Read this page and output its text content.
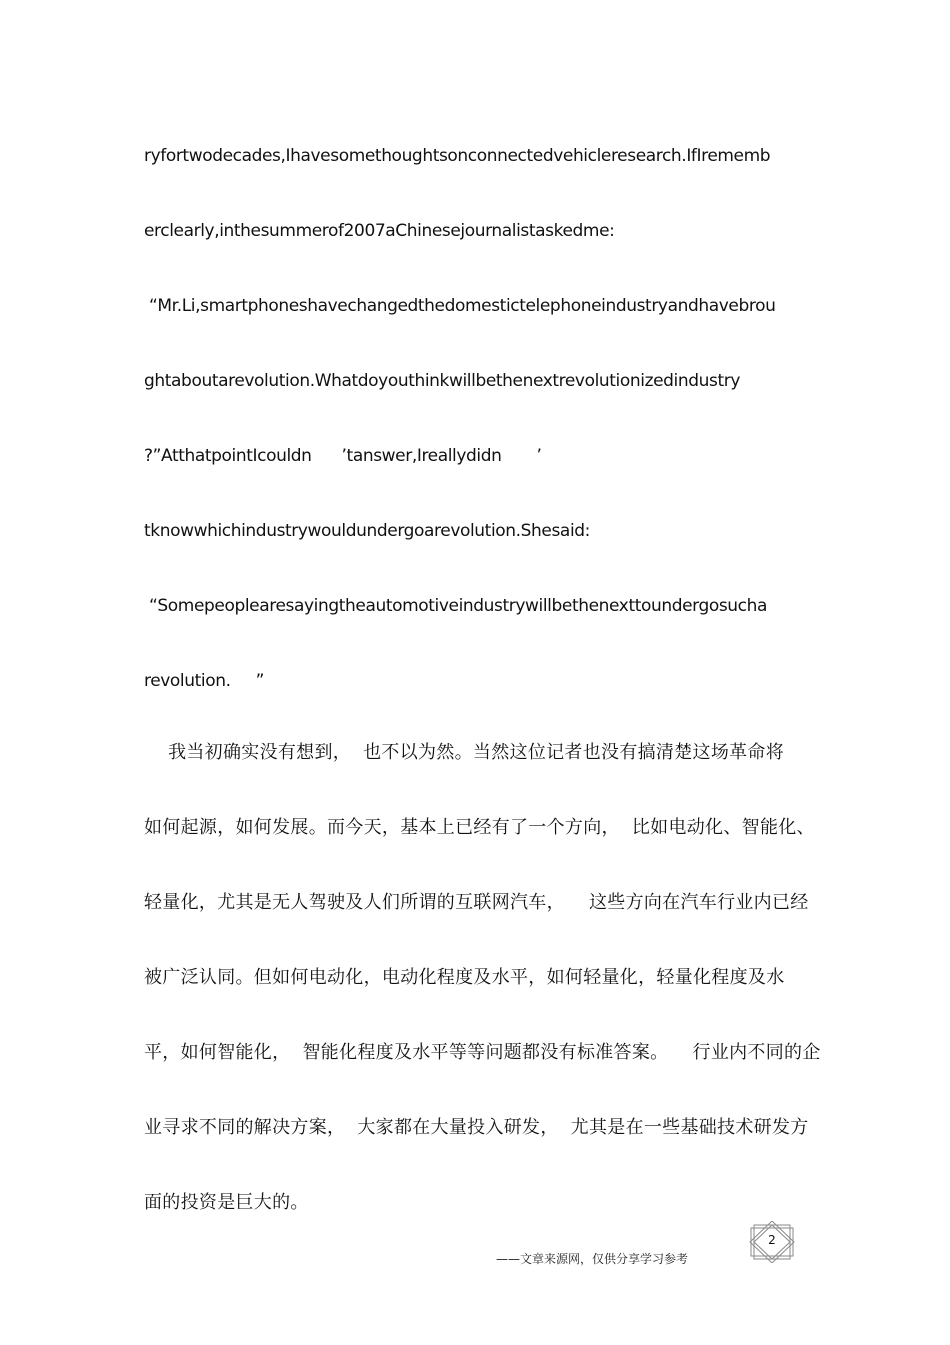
ryfortwodecades,Ihavesomethoughtsonconnectedvehicleresearch.IfIrememb
erclearly,inthesummerof2007aChinesejournalistaskedme:
“Mr.Li,smartphoneshavechangedthedomestictelephoneindustryandhavebrou
ghtaboutarevolution.Whatdoyouthinkwillbethenextrevolutionizedindustry
?”AtthatpointIcouldn      ’tanswer,Ireallydidn       ’
tknowwhichindustrywouldundergoarevolution.Shesaid:
“Somepeoplearesayingtheautomotiveindustrywillbethenexttoundergosucha
revolution.     ”
我当初确实没有想到，  也不以为然。当然这位记者也没有搞清楚这场革命将
如何起源，如何发展。而今天，基本上已经有了一个方向，  比如电动化、智能化、
轻量化，尤其是无人驾驶及人们所谓的互联网汽车，    这些方向在汽车行业内已经
被广泛认同。但如何电动化，电动化程度及水平，如何轻量化，轻量化程度及水
平，如何智能化，  智能化程度及水平等等问题都没有标准答案。    行业内不同的企
业寻求不同的解决方案，  大家都在大量投入研发，  尤其是在一些基础技术研发方
面的投资是巨大的。
2
——文章来源网，仅供分享学习参考
